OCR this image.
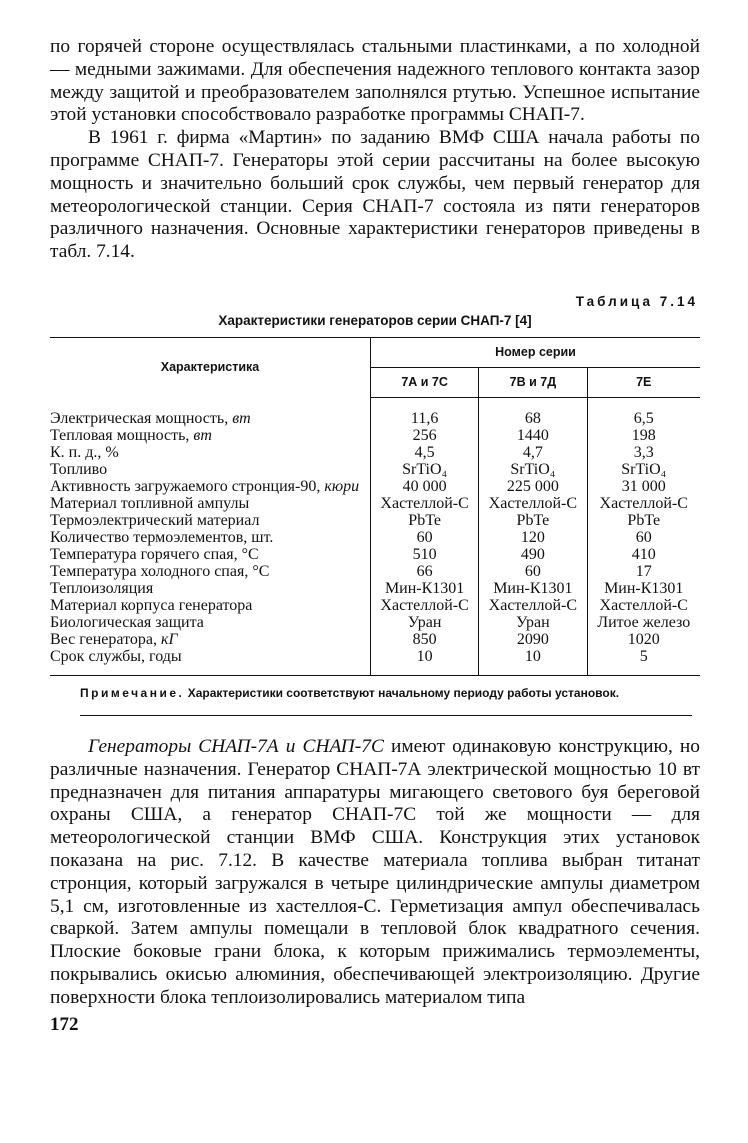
по горячей стороне осуществлялась стальными пластинками, а по холодной — медными зажимами. Для обеспечения надежного теплового контакта зазор между защитой и преобразователем заполнялся ртутью. Успешное испытание этой установки способствовало разработке программы СНАП-7.

В 1961 г. фирма «Мартин» по заданию ВМФ США начала работы по программе СНАП-7. Генераторы этой серии рассчитаны на более высокую мощность и значительно больший срок службы, чем первый генератор для метеорологической станции. Серия СНАП-7 состояла из пяти генераторов различного назначения. Основные характеристики генераторов приведены в табл. 7.14.

Таблица 7.14
Характеристики генераторов серии СНАП-7 [4]
Характеристика	Номер серии		
	7А и 7С	7В и 7Д	7Е

Электрическая мощность, вт	11,6	68	6,5
Тепловая мощность, вт	256	1440	198
К. п. д., %	4,5	4,7	3,3
Топливо	SrTiO₄	SrTiO₄	SrTiO₄
Активность загружаемого стронция-90, кюри	40 000	225 000	31 000
Материал топливной ампулы	Хастеллой-С	Хастеллой-С	Хастеллой-С
Термоэлектрический материал	PbTe	PbTe	PbTe
Количество термоэлементов, шт.	60	120	60
Температура горячего спая, °С	510	490	410
Температура холодного спая, °С	66	60	17
Теплоизоляция	Мин-К1301	Мин-К1301	Мин-К1301
Материал корпуса генератора	Хастеллой-С	Хастеллой-С	Хастеллой-С
Биологическая защита	Уран	Уран	Литое железо
Вес генератора, кГ	850	2090	1020
Срок службы, годы	10	10	5

Примечание. Характеристики соответствуют начальному периоду работы установок.

Генераторы СНАП-7А и СНАП-7С имеют одинаковую конструкцию, но различные назначения. Генератор СНАП-7А электрической мощностью 10 вт предназначен для питания аппаратуры мигающего светового буя береговой охраны США, а генератор СНАП-7С той же мощности — для метеорологической станции ВМФ США. Конструкция этих установок показана на рис. 7.12. В качестве материала топлива выбран титанат стронция, который загружался в четыре цилиндрические ампулы диаметром 5,1 см, изготовленные из хастеллоя-С. Герметизация ампул обеспечивалась сваркой. Затем ампулы помещали в тепловой блок квадратного сечения. Плоские боковые грани блока, к которым прижимались термоэлементы, покрывались окисью алюминия, обеспечивающей электроизоляцию. Другие поверхности блока теплоизолировались материалом типа

172
